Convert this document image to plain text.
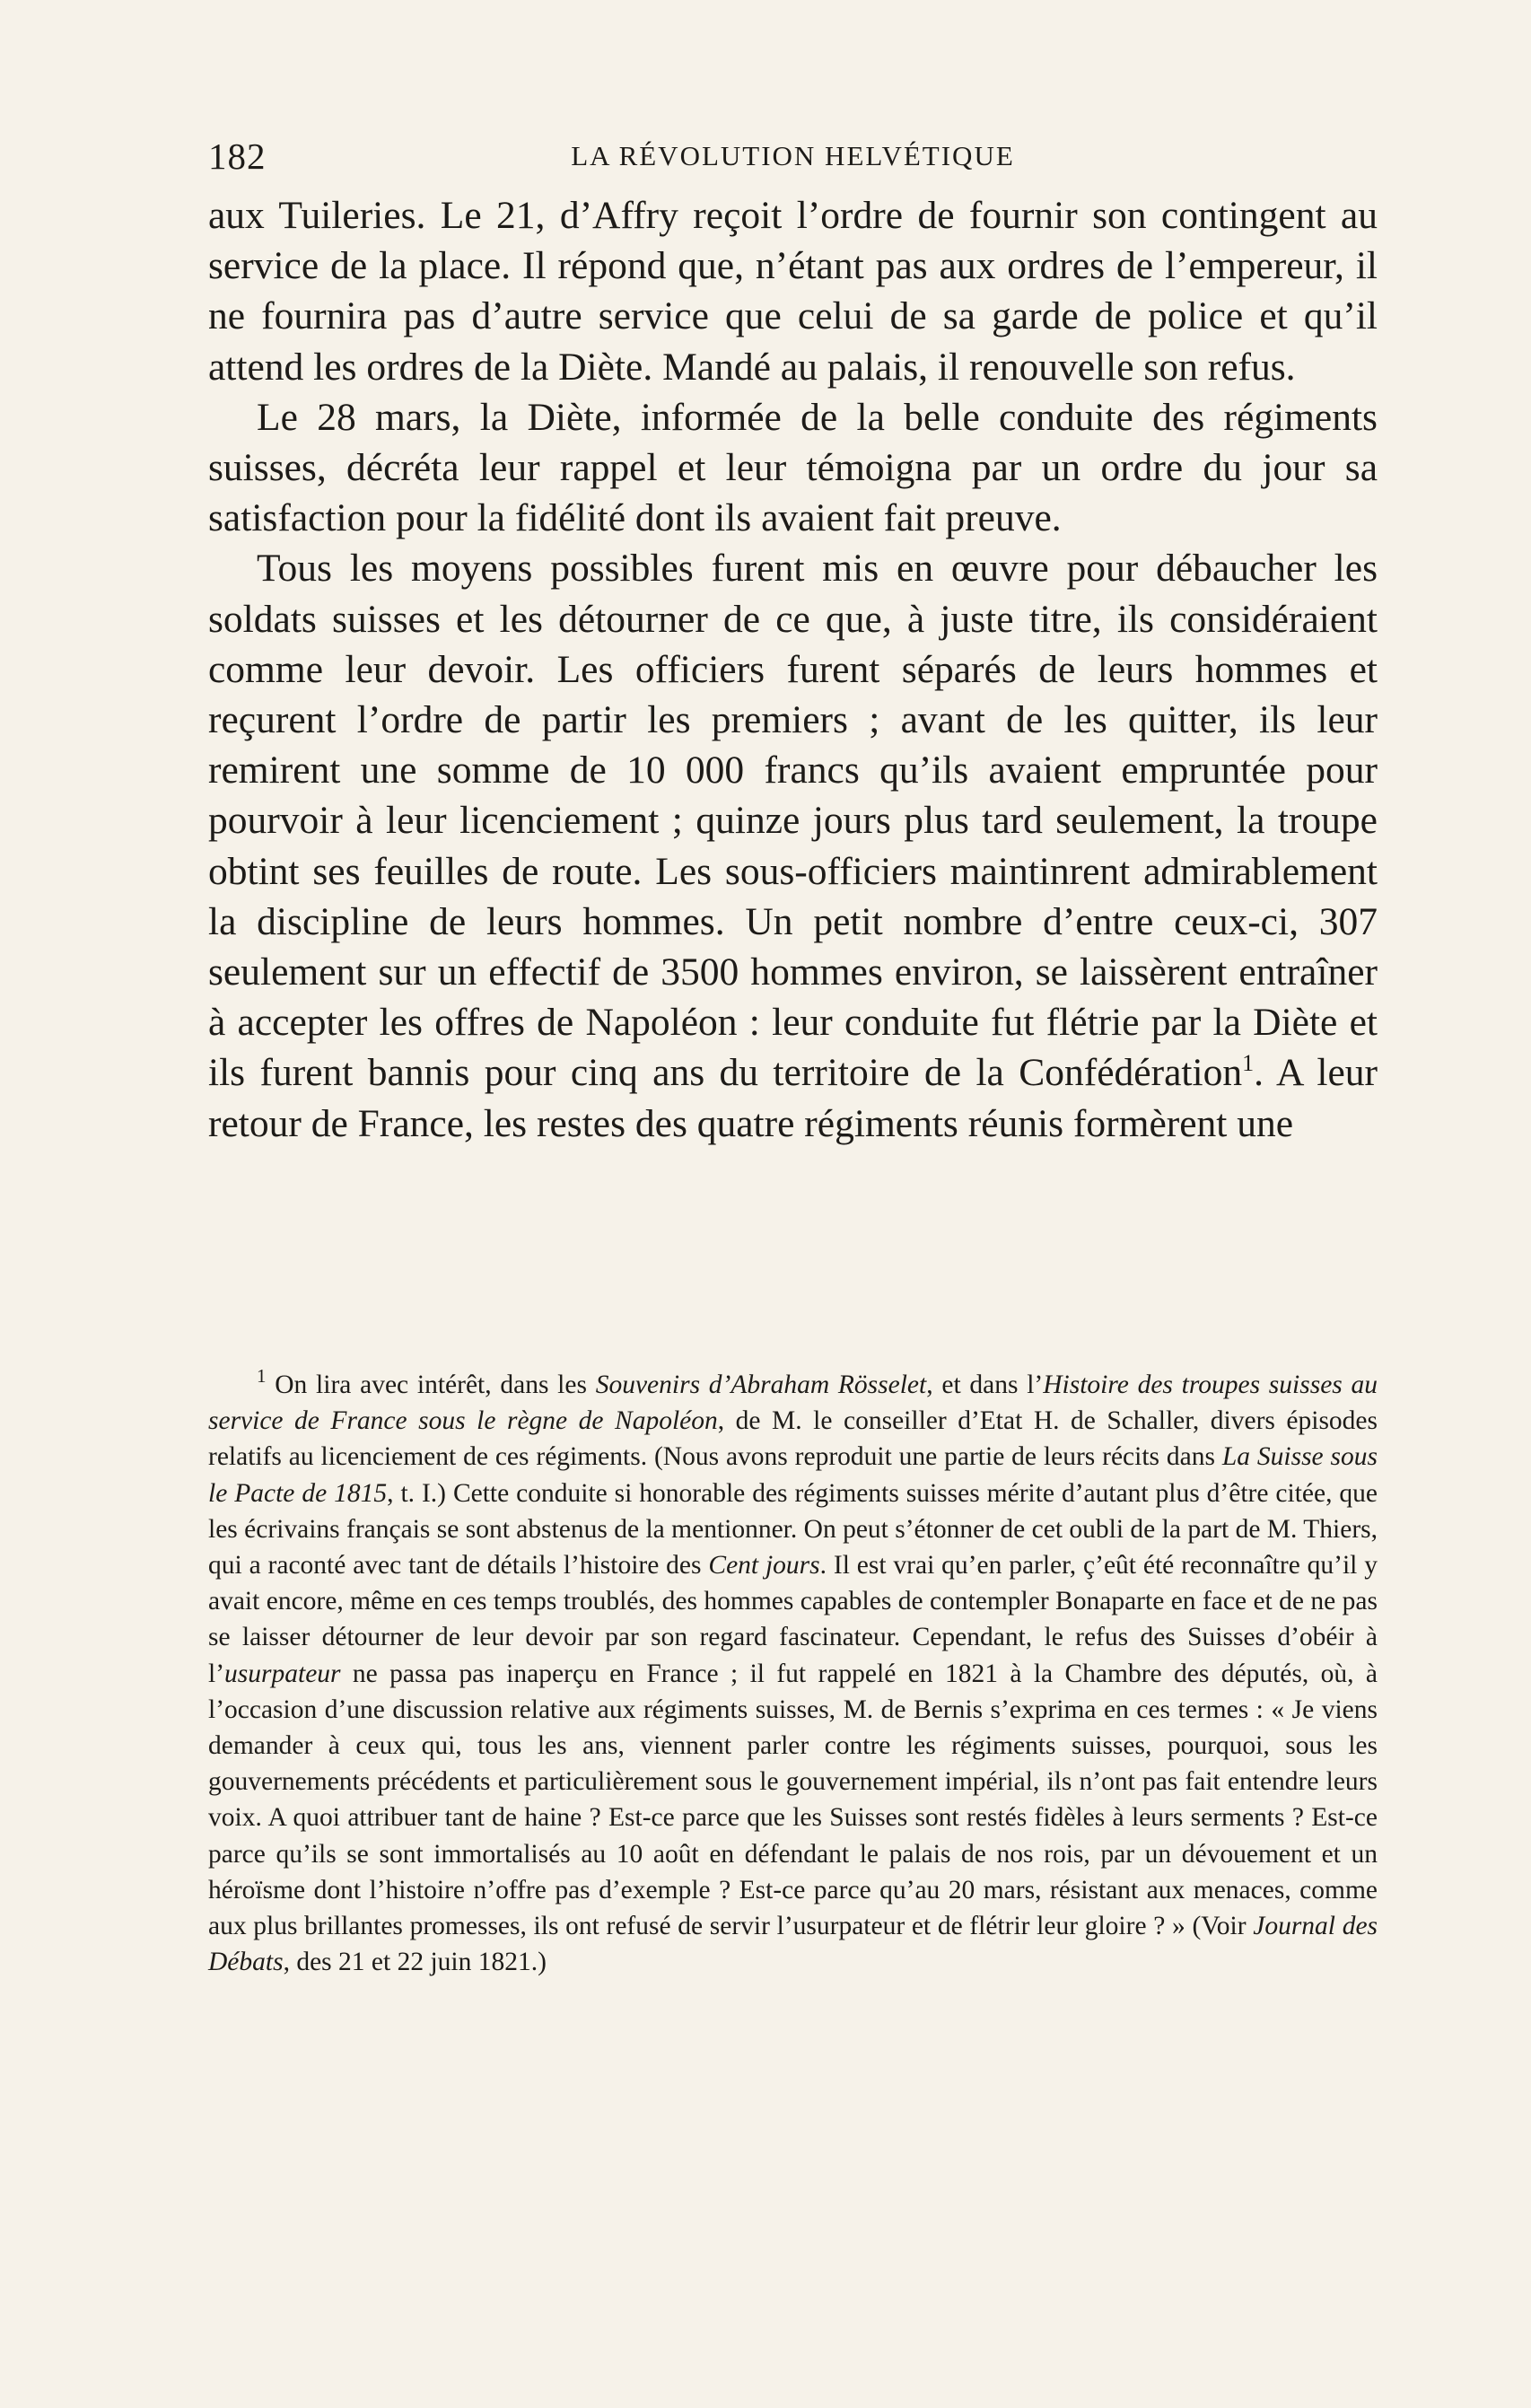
182	LA RÉVOLUTION HELVÉTIQUE

aux Tuileries. Le 21, d’Affry reçoit l’ordre de fournir son contingent au service de la place. Il répond que, n’étant pas aux ordres de l’empereur, il ne fournira pas d’autre service que celui de sa garde de police et qu’il attend les ordres de la Diète. Mandé au palais, il renouvelle son refus.

Le 28 mars, la Diète, informée de la belle conduite des régiments suisses, décréta leur rappel et leur témoigna par un ordre du jour sa satisfaction pour la fidélité dont ils avaient fait preuve.

Tous les moyens possibles furent mis en œuvre pour débaucher les soldats suisses et les détourner de ce que, à juste titre, ils considéraient comme leur devoir. Les officiers furent séparés de leurs hommes et reçurent l’ordre de partir les premiers ; avant de les quitter, ils leur remirent une somme de 10 000 francs qu’ils avaient empruntée pour pourvoir à leur licenciement ; quinze jours plus tard seulement, la troupe obtint ses feuilles de route. Les sous-officiers maintinrent admirablement la discipline de leurs hommes. Un petit nombre d’entre ceux-ci, 307 seulement sur un effectif de 3500 hommes environ, se laissèrent entraîner à accepter les offres de Napoléon : leur conduite fut flétrie par la Diète et ils furent bannis pour cinq ans du territoire de la Confédération$^1$. A leur retour de France, les restes des quatre régiments réunis formèrent une

$^1$ On lira avec intérêt, dans les Souvenirs d’Abraham Rösselet, et dans l’Histoire des troupes suisses au service de France sous le règne de Napoléon, de M. le conseiller d’Etat H. de Schaller, divers épisodes relatifs au licenciement de ces régiments. (Nous avons reproduit une partie de leurs récits dans La Suisse sous le Pacte de 1815, t. I.) Cette conduite si honorable des régiments suisses mérite d’autant plus d’être citée, que les écrivains français se sont abstenus de la mentionner. On peut s’étonner de cet oubli de la part de M. Thiers, qui a raconté avec tant de détails l’histoire des Cent jours. Il est vrai qu’en parler, ç’eût été reconnaître qu’il y avait encore, même en ces temps troublés, des hommes capables de contempler Bonaparte en face et de ne pas se laisser détourner de leur devoir par son regard fascinateur. Cependant, le refus des Suisses d’obéir à l’usurpateur ne passa pas inaperçu en France ; il fut rappelé en 1821 à la Chambre des députés, où, à l’occasion d’une discussion relative aux régiments suisses, M. de Bernis s’exprima en ces termes : « Je viens demander à ceux qui, tous les ans, viennent parler contre les régiments suisses, pourquoi, sous les gouvernements précédents et particulièrement sous le gouvernement impérial, ils n’ont pas fait entendre leurs voix. A quoi attribuer tant de haine ? Est-ce parce que les Suisses sont restés fidèles à leurs serments ? Est-ce parce qu’ils se sont immortalisés au 10 août en défendant le palais de nos rois, par un dévouement et un héroïsme dont l’histoire n’offre pas d’exemple ? Est-ce parce qu’au 20 mars, résistant aux menaces, comme aux plus brillantes promesses, ils ont refusé de servir l’usurpateur et de flétrir leur gloire ? » (Voir Journal des Débats, des 21 et 22 juin 1821.)
